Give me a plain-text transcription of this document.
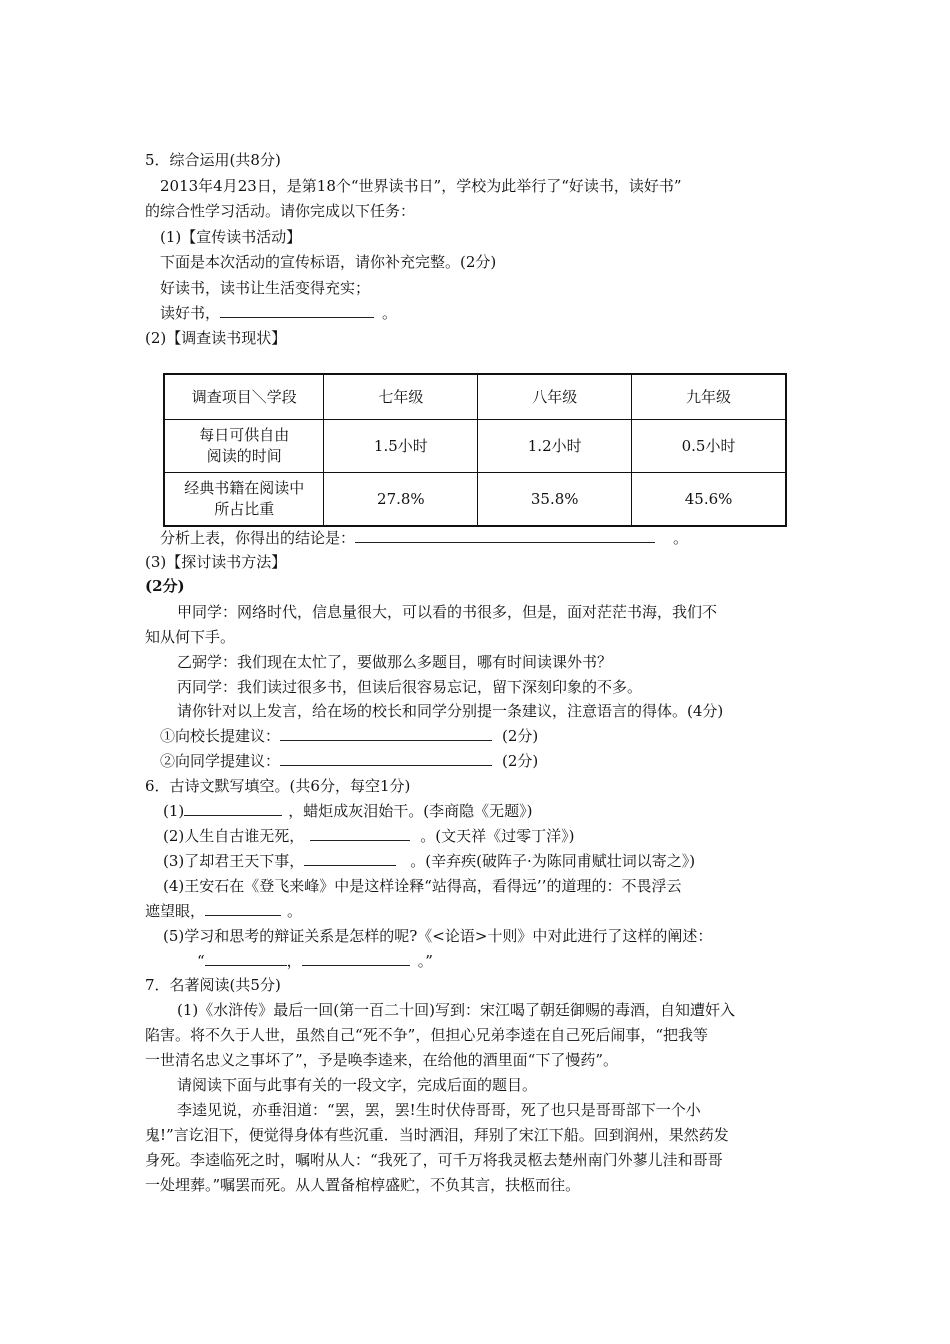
5．综合运用(共8分)
2013年4月23日，是第18个“世界读书日”，学校为此举行了“好读书，读好书”
的综合性学习活动。请你完成以下任务：
(1)【宣传读书活动】
下面是本次活动的宣传标语，请你补充完整。(2分)
好读书，读书让生活变得充实；
读好书，	。
(2)【调查读书现状】
调查项目＼学段	七年级	八年级	九年级
每日可供自由
阅读的时间	1.5小时	1.2小时	0.5小时
经典书籍在阅读中
所占比重	27.8%	35.8%	45.6%
分析上表，你得出的结论是：	。
(3)【探讨读书方法】
(2分)
甲同学：网络时代，信息量很大，可以看的书很多，但是，面对茫茫书海，我们不
知从何下手。
乙弼学：我们现在太忙了，要做那么多题目，哪有时间读课外书？
丙同学：我们读过很多书，但读后很容易忘记，留下深刻印象的不多。
请你针对以上发言，给在场的校长和同学分别提一条建议，注意语言的得体。(4分)
①向校长提建议：	(2分)
②向同学提建议：	(2分)
6．古诗文默写填空。(共6分，每空1分)
(1)	，蜡炬成灰泪始干。(李商隐《无题》)
(2)人生自古谁无死，	。(文天祥《过零丁洋》)
(3)了却君王天下事，	。(辛弃疾(破阵子·为陈同甫赋壮词以寄之》)
(4)王安石在《登飞来峰》中是这样诠释“站得高，看得远’’的道理的：不畏浮云
遮望眼，	。
(5)学习和思考的辩证关系是怎样的呢?《<论语>十则》中对此进行了这样的阐述：
“	，	。”
7．名著阅读(共5分)
(1)《水浒传》最后一回(第一百二十回)写到：宋江喝了朝廷御赐的毒酒，自知遭奸入
陷害。将不久于人世，虽然自己“死不争”，但担心兄弟李逵在自己死后闹事，“把我等
一世清名忠义之事坏了”，予是唤李逵来，在给他的酒里面“下了慢药”。
请阅读下面与此事有关的一段文字，完成后面的题目。
李逵见说，亦垂泪道：“罢，罢，罢!生时伏侍哥哥，死了也只是哥哥部下一个小
鬼!”言讫泪下，便觉得身体有些沉重．当时洒泪，拜别了宋江下船。回到润州，果然药发
身死。李逵临死之时，嘱咐从人：“我死了，可千万将我灵柩去楚州南门外蓼儿洼和哥哥
一处埋葬。”嘱罢而死。从人置备棺椁盛贮，不负其言，扶柩而往。
